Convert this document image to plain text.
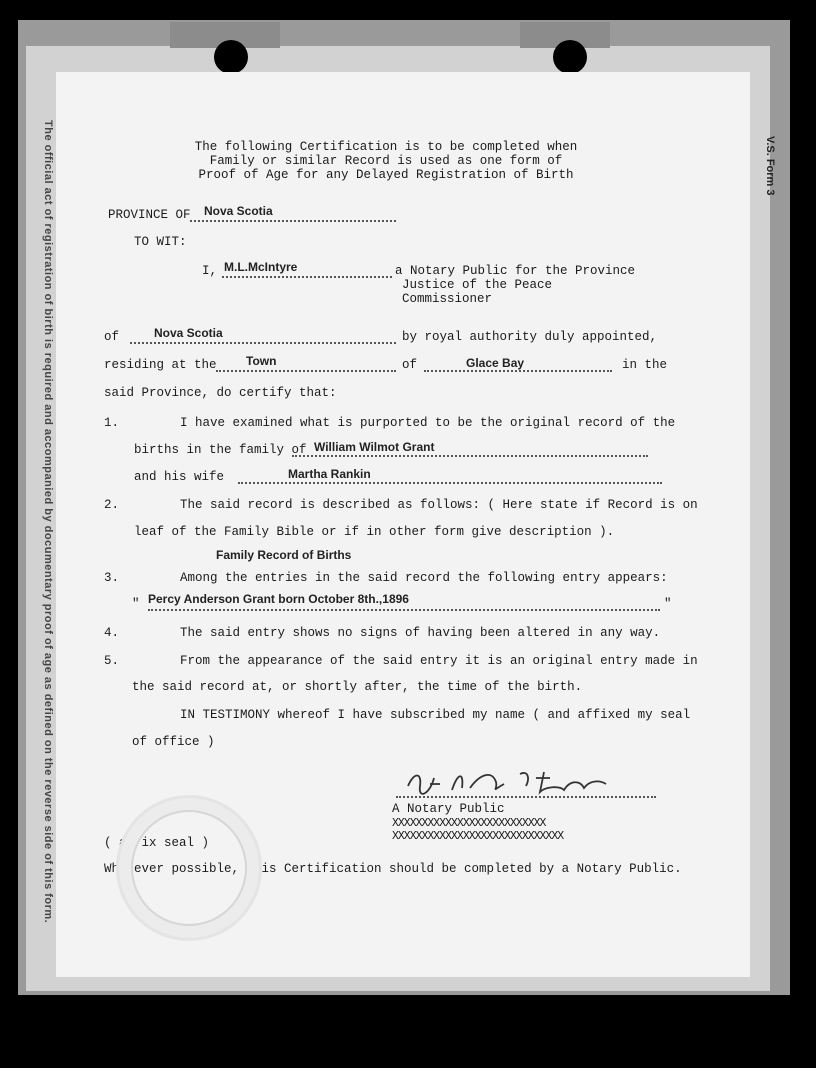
The official act of registration of birth is required and accompanied by documentary proof of age as defined on the reverse side of this form.	The following Certification is to be completed when
Family or similar Record is used as one form of
Proof of Age for any Delayed Registration of Birth
PROVINCE OF Nova Scotia
TO WIT:
I, M.L.McIntyre	a Notary Public for the Province
Justice of the Peace
Commissioner
of	Nova Scotia	by royal authority duly appointed,
residing at the Town	of	Glace Bay	in the
said Province, do certify that:
1.	I have examined what is purported to be the original record of the
births in the family of William Wilmot Grant
and his wife	Martha Rankin
2.	The said record is described as follows: ( Here state if Record is on
leaf of the Family Bible or if in other form give description ).
Family Record of Births
3.	Among the entries in the said record the following entry appears:
" Percy Anderson Grant born October 8th.,1896	"
4.	The said entry shows no signs of having been altered in any way.
5.	From the appearance of the said entry it is an original entry made in
the said record at, or shortly after, the time of the birth.
IN TESTIMONY whereof I have subscribed my name ( and affixed my seal
of office )
A Notary Public
XXXXXXXXXXXXXXXXXXXXXXXXXX
XXXXXXXXXXXXXXXXXXXXXXXXXXXXX
( affix seal )
Whenever possible, this Certification should be completed by a Notary Public.
V.S. Form 3
